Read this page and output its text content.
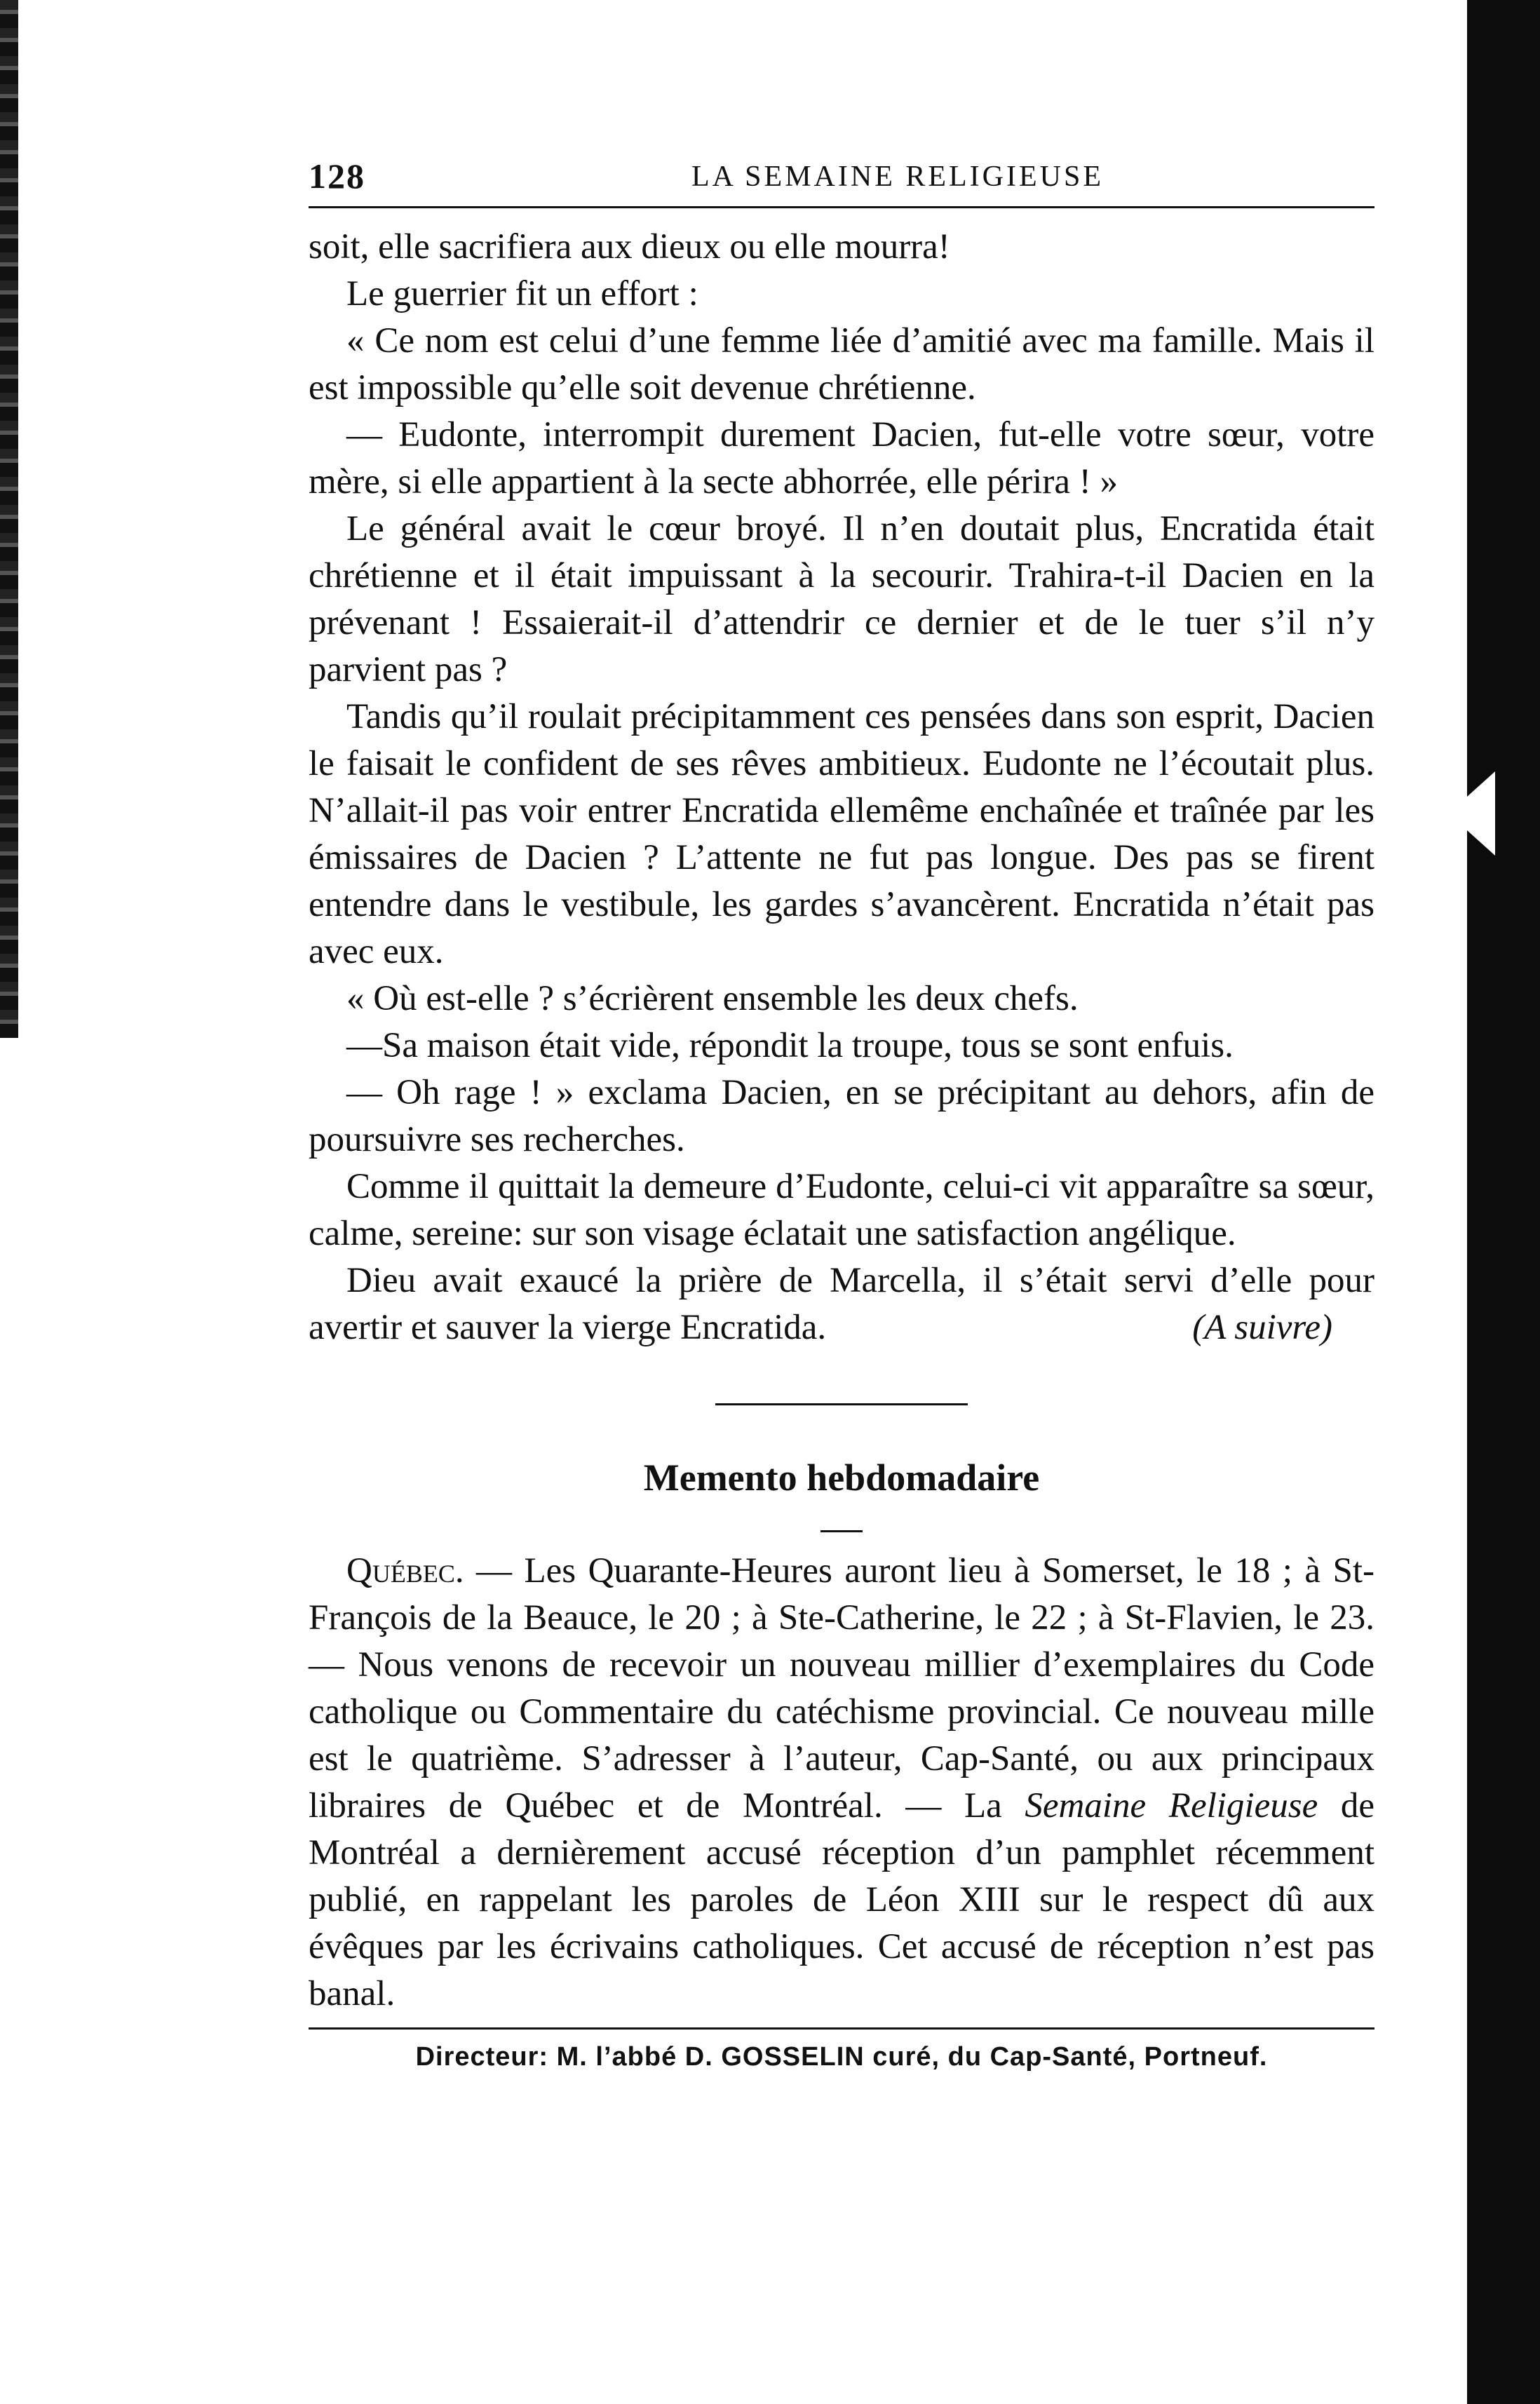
128	LA SEMAINE RELIGIEUSE

soit, elle sacrifiera aux dieux ou elle mourra!

Le guerrier fit un effort :

« Ce nom est celui d’une femme liée d’amitié avec ma famille. Mais il est impossible qu’elle soit devenue chrétienne.

— Eudonte, interrompit durement Dacien, fut-elle votre sœur, votre mère, si elle appartient à la secte abhorrée, elle périra ! »

Le général avait le cœur broyé. Il n’en doutait plus, Encratida était chrétienne et il était impuissant à la secourir. Trahira-t-il Dacien en la prévenant ! Essaierait-il d’attendrir ce dernier et de le tuer s’il n’y parvient pas ?

Tandis qu’il roulait précipitamment ces pensées dans son esprit, Dacien le faisait le confident de ses rêves ambitieux. Eudonte ne l’écoutait plus. N’allait-il pas voir entrer Encratida ellemême enchaînée et traînée par les émissaires de Dacien ? L’attente ne fut pas longue. Des pas se firent entendre dans le vestibule, les gardes s’avancèrent. Encratida n’était pas avec eux.

« Où est-elle ? s’écrièrent ensemble les deux chefs.

—Sa maison était vide, répondit la troupe, tous se sont enfuis.

— Oh rage ! » exclama Dacien, en se précipitant au dehors, afin de poursuivre ses recherches.

Comme il quittait la demeure d’Eudonte, celui-ci vit apparaître sa sœur, calme, sereine: sur son visage éclatait une satisfaction angélique.

Dieu avait exaucé la prière de Marcella, il s’était servi d’elle pour avertir et sauver la vierge Encratida.	(A suivre)

Memento hebdomadaire

Québec. — Les Quarante-Heures auront lieu à Somerset, le 18 ; à St-François de la Beauce, le 20 ; à Ste-Catherine, le 22 ; à St-Flavien, le 23. — Nous venons de recevoir un nouveau millier d’exemplaires du Code catholique ou Commentaire du catéchisme provincial. Ce nouveau mille est le quatrième. S’adresser à l’auteur, Cap-Santé, ou aux principaux libraires de Québec et de Montréal. — La Semaine Religieuse de Montréal a dernièrement accusé réception d’un pamphlet récemment publié, en rappelant les paroles de Léon XIII sur le respect dû aux évêques par les écrivains catholiques. Cet accusé de réception n’est pas banal.

Directeur: M. l’abbé D. GOSSELIN curé, du Cap-Santé, Portneuf.
